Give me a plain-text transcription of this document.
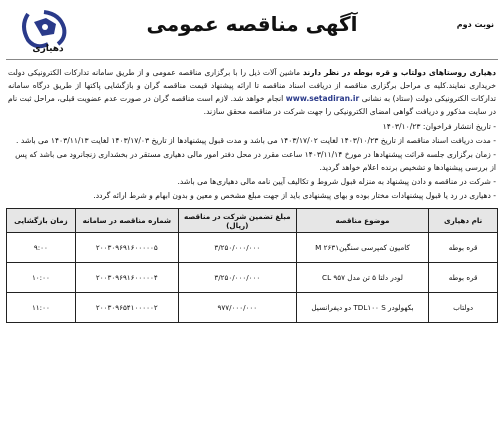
دهیاری
آگهی مناقصه عمومی	نوبت دوم

دهیاری روستاهای دولتاب و قره بوطه در نظر دارند ماشین آلات ذیل را با برگزاری مناقصه عمومی و از طریق سامانه تدارکات الکترونیکی دولت خریداری نمایند.کلیه ی مراحل برگزاری مناقصه از دریافت اسناد مناقصه تا ارائه پیشنهاد قیمت مناقصه گران و بازگشایی پاکتها از طریق درگاه سامانه تدارکات الکترونیکی دولت (ستاد) به نشانی www.setadiran.ir انجام خواهد شد. لازم است مناقصه گران در صورت عدم عضویت قبلی، مراحل ثبت نام در سایت مذکور و دریافت گواهی امضای الکترونیکی را جهت شرکت در مناقصه محقق سازند.

- تاریخ انتشار فراخوان: ۱۴۰۳/۱۰/۲۳
- مدت دریافت اسناد مناقصه از تاریخ ۱۴۰۳/۱۰/۲۳ لغایت ۱۴۰۳/۱۷/۰۲ می باشد و مدت قبول پیشنهادها از تاریخ ۱۴۰۳/۱۷/۰۳ لغایت ۱۴۰۳/۱۱/۱۳ می باشد .
- زمان برگزاری جلسه قرائت پیشنهادها در مورخ ۱۴۰۳/۱۱/۱۴ ساعت مقرر در محل دفتر امور مالی دهیاری مستقر در بخشداری زنجانرود می باشد که پس از بررسی پیشنهادها و تشخیص برنده اعلام خواهد گردید.
- شرکت در مناقصه و دادن پیشنهاد به منزله قبول شروط و تکالیف آیین نامه مالی دهیاری‌ها می باشد.
- دهیاری در رد یا قبول پیشنهادات مختار بوده و بهای پیشنهادی باید از جهت مبلغ مشخص و معین و بدون ابهام و شرط ارائه گردد.
نام دهیاری	موضوع مناقصه	مبلغ تضمین شرکت در مناقصه (ریال)	شماره مناقصه در سامانه	زمان بازگشایی
قره بوطه	کامیون کمپرسی سنگین۲۶۳۱ M	۳/۲۵۰/۰۰۰/۰۰۰	۲۰۰۳۰۹۶۹۱۶۰۰۰۰۰۵	۹:۰۰
قره بوطه	لودر دلتا ۵ تن مدل ۹۵۷ CL	۳/۲۵۰/۰۰۰/۰۰۰	۲۰۰۳۰۹۶۹۱۶۰۰۰۰۰۴	۱۰:۰۰
دولتاب	بکهولودر TDL۱۰۰ S دو دیفرانسیل	۹۷۷/۰۰۰/۰۰۰	۲۰۰۳۰۹۶۵۴۱۰۰۰۰۰۲	۱۱:۰۰
